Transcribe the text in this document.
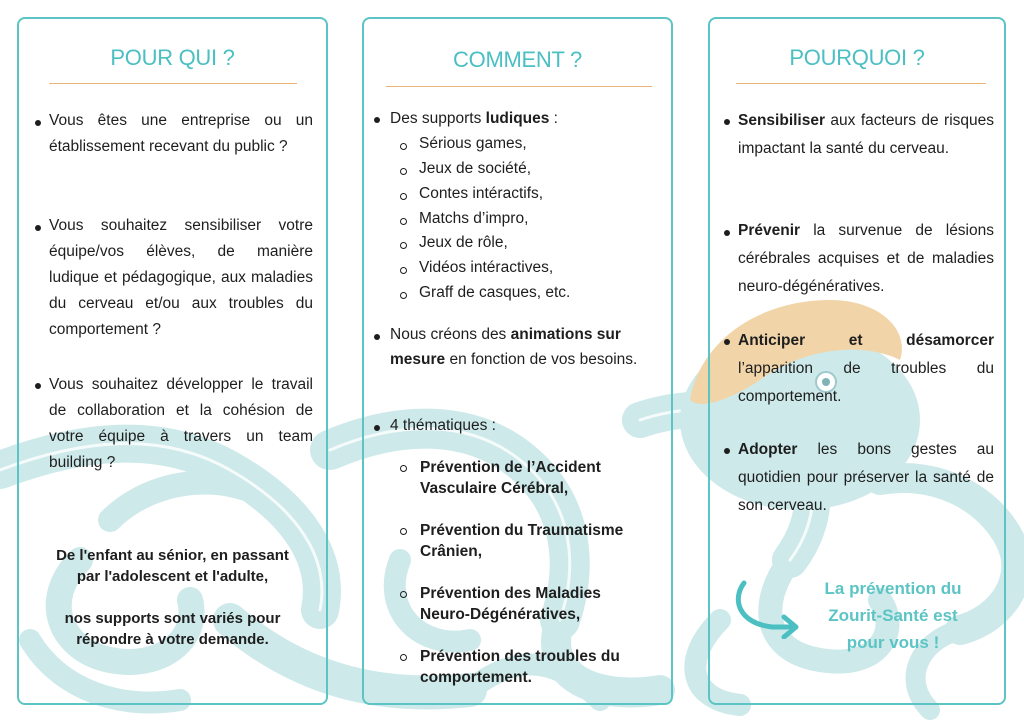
POUR QUI ?
Vous êtes une entreprise ou un établissement recevant du public ?
Vous souhaitez sensibiliser votre équipe/vos élèves, de manière ludique et pédagogique, aux maladies du cerveau et/ou aux troubles du comportement ?
Vous souhaitez développer le travail de collaboration et la cohésion de votre équipe à travers un team building ?
De l'enfant au sénior, en passant
par l'adolescent et l'adulte,
nos supports sont variés pour
répondre à votre demande.
COMMENT ?
Des supports ludiques :
Sérious games,
Jeux de société,
Contes intéractifs,
Matchs d’impro,
Jeux de rôle,
Vidéos intéractives,
Graff de casques, etc.
Nous créons des animations sur mesure en fonction de vos besoins.
4 thématiques :
Prévention de l’Accident Vasculaire Cérébral,
Prévention du Traumatisme Crânien,
Prévention des Maladies Neuro-Dégénératives,
Prévention des troubles du comportement.
POURQUOI ?
Sensibiliser aux facteurs de risques impactant la santé du cerveau.
Prévenir la survenue de lésions cérébrales acquises et de maladies neuro-dégénératives.
Anticiper et désamorcer l’apparition de troubles du comportement.
Adopter les bons gestes au quotidien pour préserver la santé de son cerveau.
La prévention du
Zourit-Santé est
pour vous !
